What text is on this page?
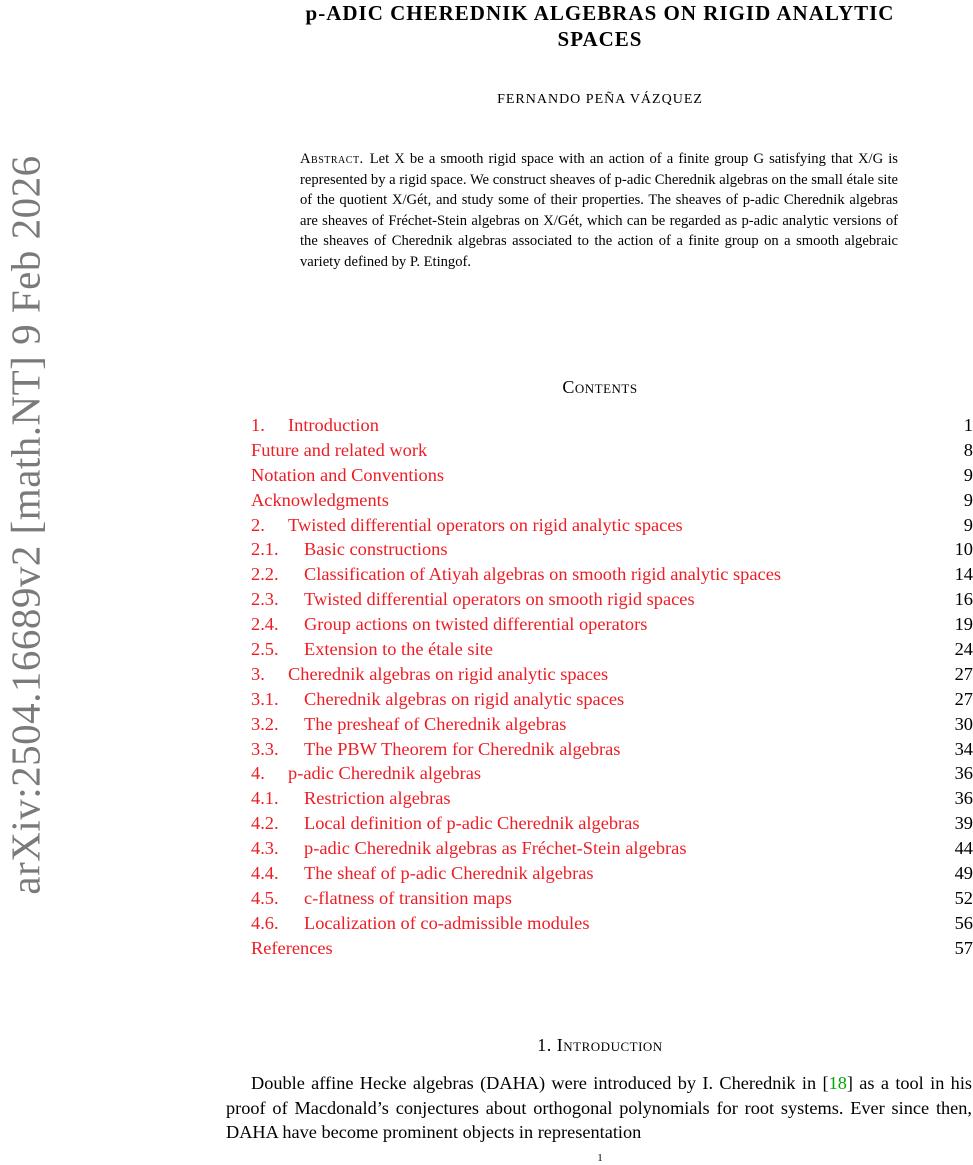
arXiv:2504.16689v2 [math.NT] 9 Feb 2026
p-ADIC CHEREDNIK ALGEBRAS ON RIGID ANALYTIC
SPACES
FERNANDO PEÑA VÁZQUEZ
Abstract. Let X be a smooth rigid space with an action of a finite group G satisfying that X/G is represented by a rigid space. We construct sheaves of p-adic Cherednik algebras on the small étale site of the quotient X/Gét, and study some of their properties. The sheaves of p-adic Cherednik algebras are sheaves of Fréchet-Stein algebras on X/Gét, which can be regarded as p-adic analytic versions of the sheaves of Cherednik algebras associated to the action of a finite group on a smooth algebraic variety defined by P. Etingof.
Contents
1.	Introduction	1
Future and related work	8
Notation and Conventions	9
Acknowledgments	9
2.	Twisted differential operators on rigid analytic spaces	9
2.1.	Basic constructions	10
2.2.	Classification of Atiyah algebras on smooth rigid analytic spaces	14
2.3.	Twisted differential operators on smooth rigid spaces	16
2.4.	Group actions on twisted differential operators	19
2.5.	Extension to the étale site	24
3.	Cherednik algebras on rigid analytic spaces	27
3.1.	Cherednik algebras on rigid analytic spaces	27
3.2.	The presheaf of Cherednik algebras	30
3.3.	The PBW Theorem for Cherednik algebras	34
4.	p-adic Cherednik algebras	36
4.1.	Restriction algebras	36
4.2.	Local definition of p-adic Cherednik algebras	39
4.3.	p-adic Cherednik algebras as Fréchet-Stein algebras	44
4.4.	The sheaf of p-adic Cherednik algebras	49
4.5.	c-flatness of transition maps	52
4.6.	Localization of co-admissible modules	56
References	57
1. Introduction

Double affine Hecke algebras (DAHA) were introduced by I. Cherednik in [18] as a tool in his proof of Macdonald’s conjectures about orthogonal polynomials for root systems. Ever since then, DAHA have become prominent objects in representation

1
